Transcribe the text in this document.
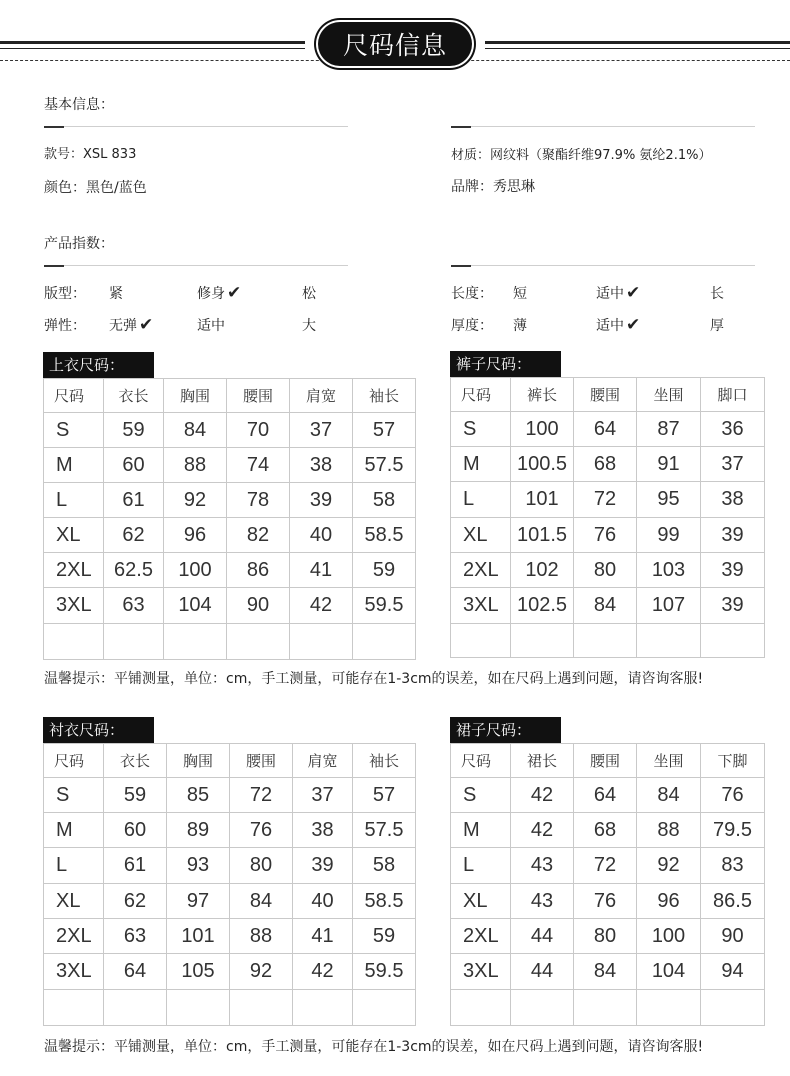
尺码信息
基本信息：
款号：XSL 833
颜色：黑色/蓝色
材质：网纹料（聚酯纤维97.9% 氨纶2.1%）
品牌：秀思琳
产品指数：
版型： 紧	修身 ✔	松
弹性： 无弹 ✔	适中	大
长度： 短	适中 ✔	长
厚度： 薄	适中 ✔	厚
上衣尺码：
尺码	衣长	胸围	腰围	肩宽	袖长
S	59	84	70	37	57
M	60	88	74	38	57.5
L	61	92	78	39	58
XL	62	96	82	40	58.5
2XL	62.5	100	86	41	59
3XL	63	104	90	42	59.5

裤子尺码：
尺码	裤长	腰围	坐围	脚口
S	100	64	87	36
M	100.5	68	91	37
L	101	72	95	38
XL	101.5	76	99	39
2XL	102	80	103	39
3XL	102.5	84	107	39

温馨提示：平铺测量，单位：cm，手工测量，可能存在1-3cm的误差，如在尺码上遇到问题，请咨询客服!
衬衣尺码：
尺码	衣长	胸围	腰围	肩宽	袖长
S	59	85	72	37	57
M	60	89	76	38	57.5
L	61	93	80	39	58
XL	62	97	84	40	58.5
2XL	63	101	88	41	59
3XL	64	105	92	42	59.5

裙子尺码：
尺码	裙长	腰围	坐围	下脚
S	42	64	84	76
M	42	68	88	79.5
L	43	72	92	83
XL	43	76	96	86.5
2XL	44	80	100	90
3XL	44	84	104	94

温馨提示：平铺测量，单位：cm，手工测量，可能存在1-3cm的误差，如在尺码上遇到问题，请咨询客服!
